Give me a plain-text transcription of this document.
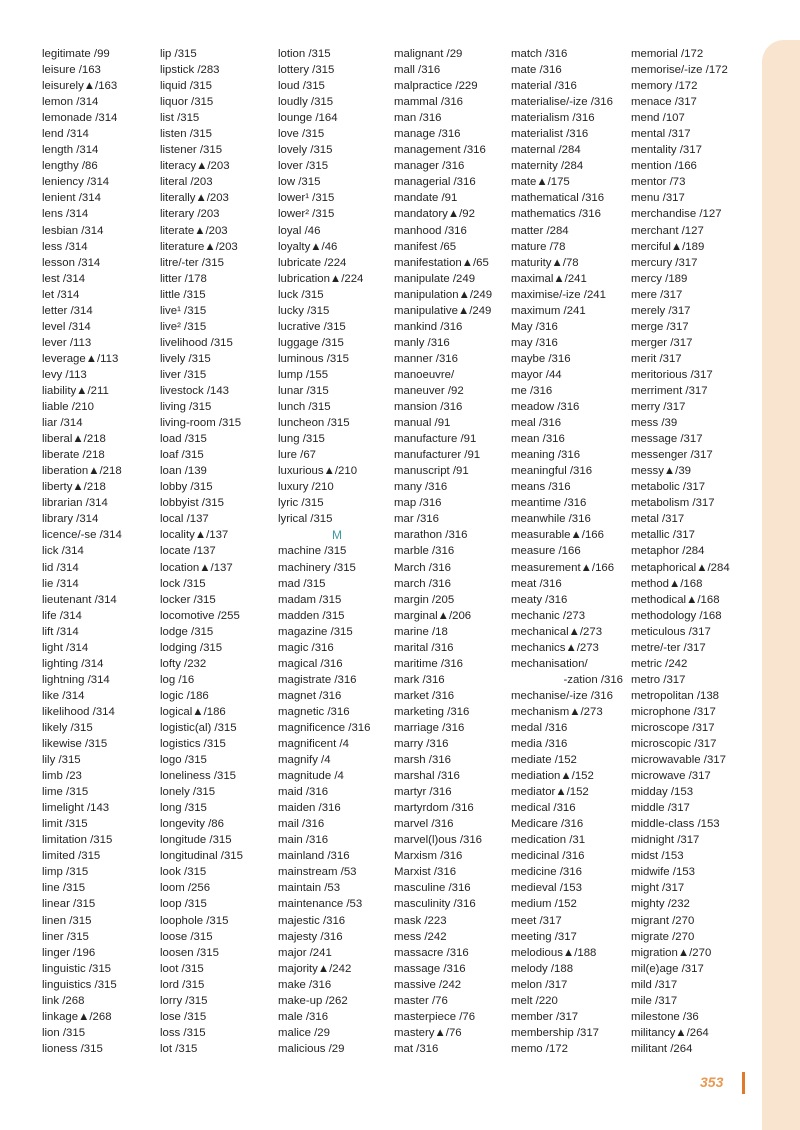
legitimate /99
leisure /163
leisurely▲/163
lemon /314
lemonade /314
lend /314
length /314
lengthy /86
leniency /314
lenient /314
lens /314
lesbian /314
less /314
lesson /314
lest /314
let /314
letter /314
level /314
lever /113
leverage▲/113
levy /113
liability▲/211
liable /210
liar /314
liberal▲/218
liberate /218
liberation▲/218
liberty▲/218
librarian /314
library /314
licence/-se /314
lick /314
lid /314
lie /314
lieutenant /314
life /314
lift /314
light /314
lighting /314
lightning /314
like /314
likelihood /314
likely /315
likewise /315
lily /315
limb /23
lime /315
limelight /143
limit /315
limitation /315
limited /315
limp /315
line /315
linear /315
linen /315
liner /315
linger /196
linguistic /315
linguistics /315
link /268
linkage▲/268
lion /315
lioness /315
lip /315
lipstick /283
liquid /315
liquor /315
list /315
listen /315
listener /315
literacy▲/203
literal /203
literally▲/203
literary /203
literate▲/203
literature▲/203
litre/-ter /315
litter /178
little /315
live¹ /315
live² /315
livelihood /315
lively /315
liver /315
livestock /143
living /315
living-room /315
load /315
loaf /315
loan /139
lobby /315
lobbyist /315
local /137
locality▲/137
locate /137
location▲/137
lock /315
locker /315
locomotive /255
lodge /315
lodging /315
lofty /232
log /16
logic /186
logical▲/186
logistic(al) /315
logistics /315
logo /315
loneliness /315
lonely /315
long /315
longevity /86
longitude /315
longitudinal /315
look /315
loom /256
loop /315
loophole /315
loose /315
loosen /315
loot /315
lord /315
lorry /315
lose /315
loss /315
lot /315
lotion /315
lottery /315
loud /315
loudly /315
lounge /164
love /315
lovely /315
lover /315
low /315
lower¹ /315
lower² /315
loyal /46
loyalty▲/46
lubricate /224
lubrication▲/224
luck /315
lucky /315
lucrative /315
luggage /315
luminous /315
lump /155
lunar /315
lunch /315
luncheon /315
lung /315
lure /67
luxurious▲/210
luxury /210
lyric /315
lyrical /315
M
machine /315
machinery /315
mad /315
madam /315
madden /315
magazine /315
magic /316
magical /316
magistrate /316
magnet /316
magnetic /316
magnificence /316
magnificent /4
magnify /4
magnitude /4
maid /316
maiden /316
mail /316
main /316
mainland /316
mainstream /53
maintain /53
maintenance /53
majestic /316
majesty /316
major /241
majority▲/242
make /316
make-up /262
male /316
malice /29
malicious /29
malignant /29
mall /316
malpractice /229
mammal /316
man /316
manage /316
management /316
manager /316
managerial /316
mandate /91
mandatory▲/92
manhood /316
manifest /65
manifestation▲/65
manipulate /249
manipulation▲/249
manipulative▲/249
mankind /316
manly /316
manner /316
manoeuvre/
maneuver /92
mansion /316
manual /91
manufacture /91
manufacturer /91
manuscript /91
many /316
map /316
mar /316
marathon /316
marble /316
March /316
march /316
margin /205
marginal▲/206
marine /18
marital /316
maritime /316
mark /316
market /316
marketing /316
marriage /316
marry /316
marsh /316
marshal /316
martyr /316
martyrdom /316
marvel /316
marvel(l)ous /316
Marxism /316
Marxist /316
masculine /316
masculinity /316
mask /223
mess /242
massacre /316
massage /316
massive /242
master /76
masterpiece /76
mastery▲/76
mat /316
match /316
mate /316
material /316
materialise/-ize /316
materialism /316
materialist /316
maternal /284
maternity /284
mate▲/175
mathematical /316
mathematics /316
matter /284
mature /78
maturity▲/78
maximal▲/241
maximise/-ize /241
maximum /241
May /316
may /316
maybe /316
mayor /44
me /316
meadow /316
meal /316
mean /316
meaning /316
meaningful /316
means /316
meantime /316
meanwhile /316
measurable▲/166
measure /166
measurement▲/166
meat /316
meaty /316
mechanic /273
mechanical▲/273
mechanics▲/273
mechanisation/
-zation /316
mechanise/-ize /316
mechanism▲/273
medal /316
media /316
mediate /152
mediation▲/152
mediator▲/152
medical /316
Medicare /316
medication /31
medicinal /316
medicine /316
medieval /153
medium /152
meet /317
meeting /317
melodious▲/188
melody /188
melon /317
melt /220
member /317
membership /317
memo /172
memorial /172
memorise/-ize /172
memory /172
menace /317
mend /107
mental /317
mentality /317
mention /166
mentor /73
menu /317
merchandise /127
merchant /127
merciful▲/189
mercury /317
mercy /189
mere /317
merely /317
merge /317
merger /317
merit /317
meritorious /317
merriment /317
merry /317
mess /39
message /317
messenger /317
messy▲/39
metabolic /317
metabolism /317
metal /317
metallic /317
metaphor /284
metaphorical▲/284
method▲/168
methodical▲/168
methodology /168
meticulous /317
metre/-ter /317
metric /242
metro /317
metropolitan /138
microphone /317
microscope /317
microscopic /317
microwavable /317
microwave /317
midday /153
middle /317
middle-class /153
midnight /317
midst /153
midwife /153
might /317
mighty /232
migrant /270
migrate /270
migration▲/270
mil(e)age /317
mild /317
mile /317
milestone /36
militancy▲/264
militant /264
353
